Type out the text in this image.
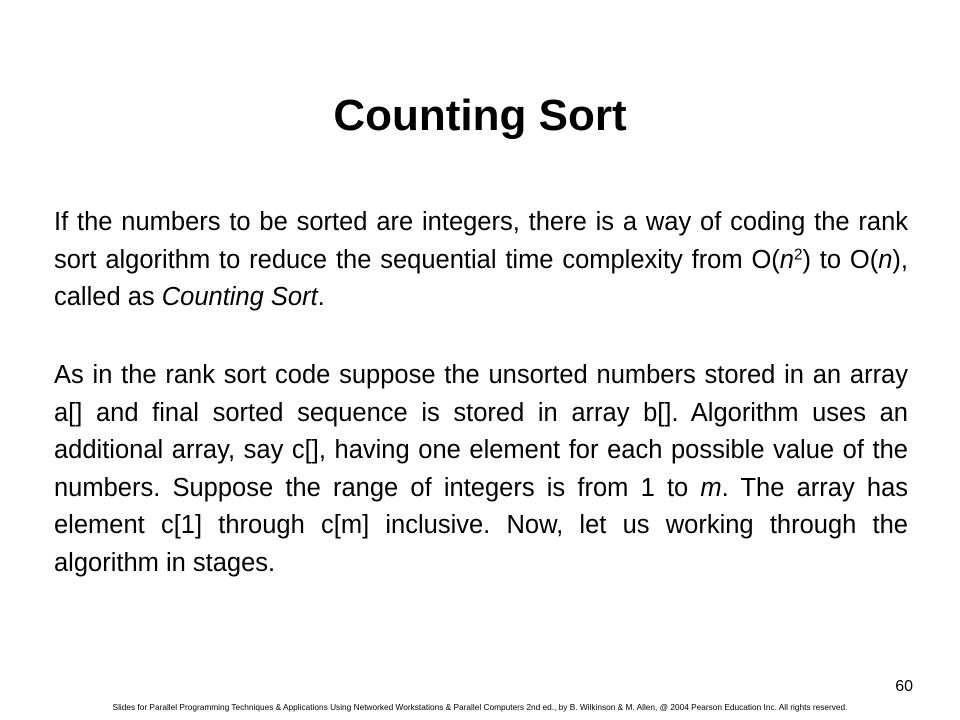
Counting Sort
If the numbers to be sorted are integers, there is a way of coding the rank sort algorithm to reduce the sequential time complexity from $O(n^2)$ to O(n), called as Counting Sort.
As in the rank sort code suppose the unsorted numbers stored in an array a[] and final sorted sequence is stored in array b[]. Algorithm uses an additional array, say c[], having one element for each possible value of the numbers. Suppose the range of integers is from 1 to m. The array has element c[1] through c[m] inclusive. Now, let us working through the algorithm in stages.
60
Slides for Parallel Programming Techniques & Applications Using Networked Workstations & Parallel Computers 2nd ed., by B. Wilkinson & M. Allen, @ 2004 Pearson Education Inc. All rights reserved.
